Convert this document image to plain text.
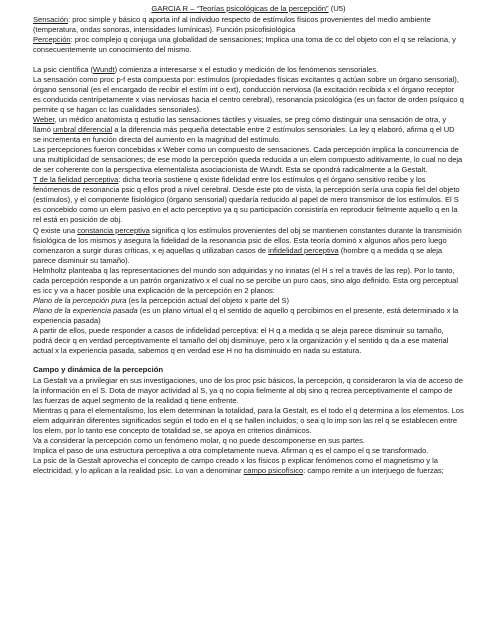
GARCIA R – “Teorías psicológicas de la percepción” (U5)

Sensación: proc simple y básico q aporta inf al individuo respecto de estímulos físicos provenientes del medio ambiente (temperatura, ondas sonoras, intensidades lumínicas). Función psicofisiológica

Percepción: proc complejo q conjuga una globalidad de sensaciones; Implica una toma de cc del objeto con el q se relaciona, y consecuentemente un conocimiento del mismo.

La psic científica (Wundt) comienza a interesarse x el estudio y medición de los fenómenos sensoriales.

La sensación como proc p-f esta compuesta por: estímulos (propiedades físicas excitantes q actúan sobre un órgano sensorial), órgano sensorial (es el encargado de recibir el estím int o ext), conducción nerviosa (la excitación recibida x el órgano receptor es conducida centrípetamente x vías nerviosas hacia el centro cerebral), resonancia psicológica (es un factor de orden psíquico q permite q se hagan cc las cualidades sensoriales).

Weber, un médico anatomista q estudio las sensaciones táctiles y visuales, se preg cómo distinguir una sensación de otra, y llamó umbral diferencial a la diferencia más pequeña detectable entre 2 estímulos sensoriales. La ley q elaboró, afirma q el UD se incrementa en función directa del aumento en la magnitud del estímulo.

Las percepciones fueron concebidas x Weber como un compuesto de sensaciones. Cada percepción implica la concurrencia de una multiplicidad de sensaciones; de ese modo la percepción queda reducida a un elem compuesto aditivamente, lo cual no deja de ser coherente con la perspectiva elementalista asociacionista de Wundt. Esta se opondrá radicalmente a la Gestalt.

T de la fielidad perceptiva: dicha teoría sostiene q existe fidelidad entre los estímulos q el órgano sensitivo recibe y los fenómenos de resonancia psic q ellos prod a nivel cerebral. Desde este pto de vista, la percepción sería una copia fiel del objeto (estímulos), y el componente fisiológico (órgano sensorial) quedaría reducido al papel de mero transmisor de los estímulos. El S es concebido como un elem pasivo en el acto perceptivo ya q su participación consistiría en reproducir fielmente aquello q en la rel está en posición de obj.

Q existe una constancia perceptiva significa q los estímulos provenientes del obj se mantienen constantes durante la transmisión fisiológica de los mismos y asegura la fidelidad de la resonancia psic de ellos. Esta teoría dominó x algunos años pero luego comenzaron a surgir duras críticas, x ej aquellas q utilizaban casos de infidelidad perceptiva (hombre q a medida q se aleja parece disminuir su tamaño).

Helmholtz planteaba q las representaciones del mundo son adquiridas y no innatas (el H s rel a través de las rep). Por lo tanto, cada percepción responde a un patrón organizativo x el cual no se percibe un puro caos, sino algo definido. Esta org perceptual es icc y va a hacer posible una explicación de la percepción en 2 planos:

Plano de la percepción pura (es la percepción actual del objeto x parte del S)

Plano de la experiencia pasada (es un plano virtual el q el sentido de aquello q percibimos en el presente, está determinado x la experiencia pasada)

A partir de ellos, puede responder a casos de infidelidad perceptiva: el H q a medida q se aleja parece disminuir su tamaño, podrá decir q en verdad perceptivamente el tamaño del obj disminuye, pero x la organización y el sentido q da a ese material actual x la experiencia pasada, sabemos q en verdad ese H no ha disminuido en nada su estatura.

Campo y dinámica de la percepción

La Gestalt va a privilegiar en sus investigaciones, uno de los proc psic básicos, la percepción, q consideraron la vía de acceso de la información en el S. Dota de mayor actividad al S, ya q no copia fielmente al obj sino q recrea perceptivamente el campo de las fuerzas de aquel segmento de la realidad q tiene enfrente.

Mientras q para el elementalismo, los elem determinan la totalidad, para la Gestalt, es el todo el q determina a los elementos. Los elem adquirirán diferentes significados según el todo en el q se hallen incluidos; o sea q lo imp son las rel q se establecen entre los elem, por lo tanto ese concepto de totalidad se, se apoya en criterios dinámicos.

Va a considerar la percepción como un fenómeno molar, q no puede descomponerse en sus partes.

Implica el paso de una estructura perceptiva a otra completamente nueva. Afirman q es el campo el q se transformado.

La psic de la Gestalt aprovecha el concepto de campo creado x los físicos p explicar fenómenos como el magnetismo y la electricidad, y lo aplican a la realidad psic. Lo van a denominar campo psicofísico: campo remite a un interjuego de fuerzas;
